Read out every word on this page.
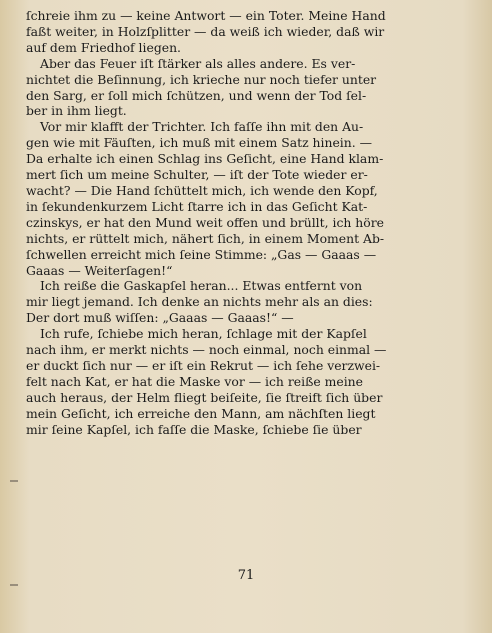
ſchreie ihm zu — keine Antwort — ein Toter. Meine Hand
faßt weiter, in Holzſplitter — da weiß ich wieder, daß wir
auf dem Friedhof liegen.
Aber das Feuer iſt ſtärker als alles andere. Es ver-
nichtet die Beſinnung, ich krieche nur noch tiefer unter
den Sarg, er ſoll mich ſchützen, und wenn der Tod ſel-
ber in ihm liegt.
Vor mir klafft der Trichter. Ich faſſe ihn mit den Au-
gen wie mit Fäuſten, ich muß mit einem Satz hinein. —
Da erhalte ich einen Schlag ins Geſicht, eine Hand klam-
mert ſich um meine Schulter, — iſt der Tote wieder er-
wacht? — Die Hand ſchüttelt mich, ich wende den Kopf,
in ſekundenkurzem Licht ſtarre ich in das Geſicht Kat-
czinskys, er hat den Mund weit offen und brüllt, ich höre
nichts, er rüttelt mich, nähert ſich, in einem Moment Ab-
ſchwellen erreicht mich ſeine Stimme: „Gas — Gaaas —
Gaaas — Weiterſagen!“
Ich reiße die Gaskapſel heran... Etwas entfernt von
mir liegt jemand. Ich denke an nichts mehr als an dies:
Der dort muß wiſſen: „Gaaas — Gaaas!“ —
Ich rufe, ſchiebe mich heran, ſchlage mit der Kapſel
nach ihm, er merkt nichts — noch einmal, noch einmal —
er duckt ſich nur — er iſt ein Rekrut — ich ſehe verzwei-
felt nach Kat, er hat die Maske vor — ich reiße meine
auch heraus, der Helm fliegt beiſeite, ſie ſtreift ſich über
mein Geſicht, ich erreiche den Mann, am nächſten liegt
mir ſeine Kapſel, ich faſſe die Maske, ſchiebe ſie über
71
